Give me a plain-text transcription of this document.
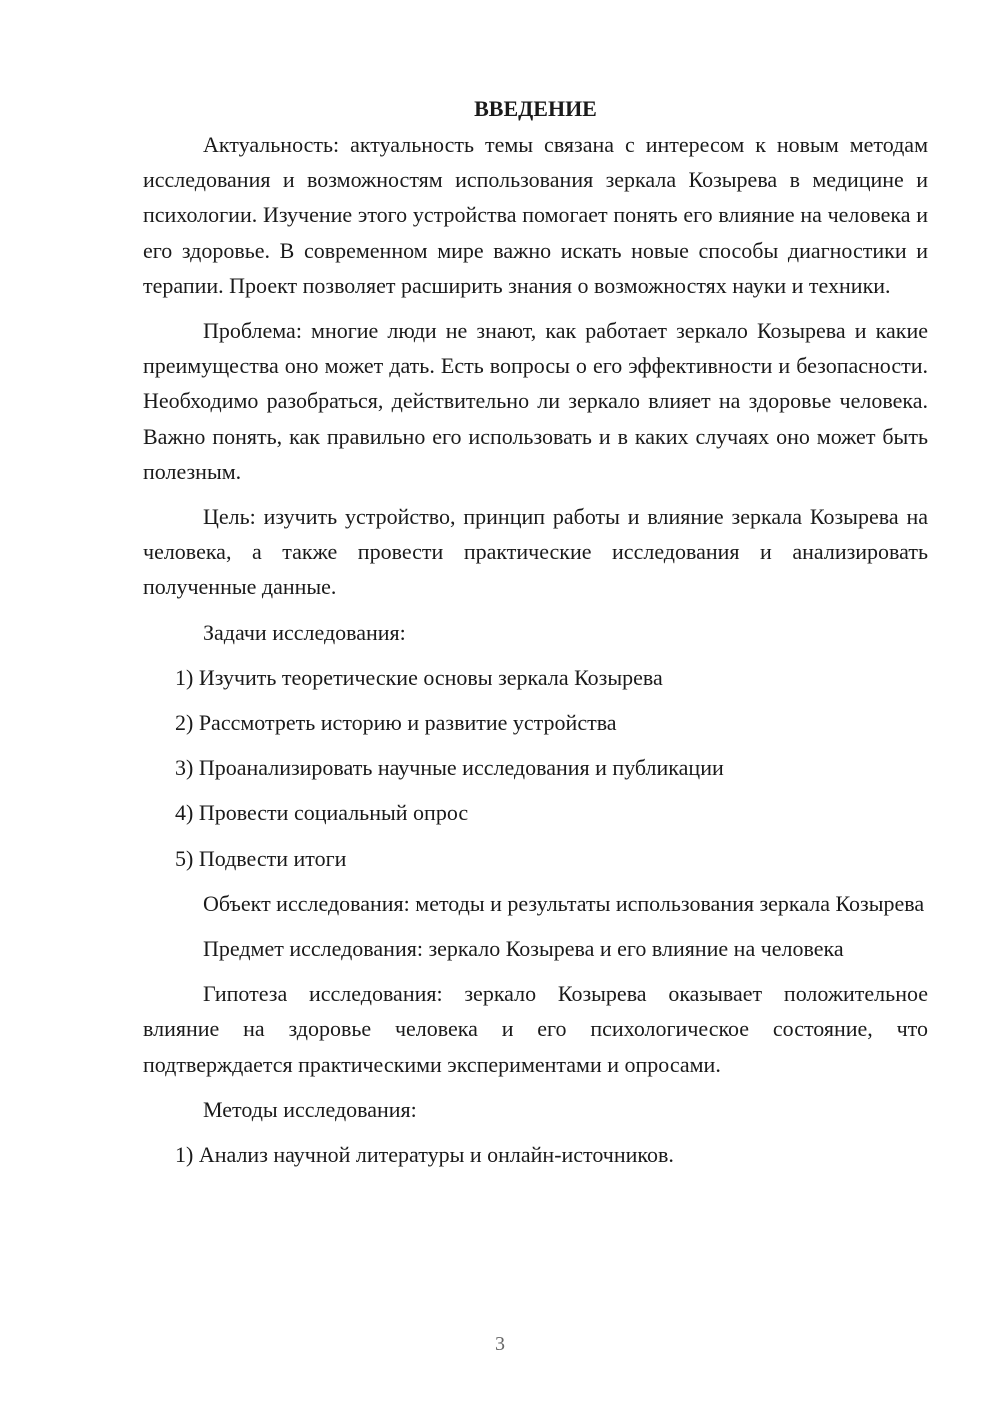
ВВЕДЕНИЕ

Актуальность: актуальность темы связана с интересом к новым методам исследования и возможностям использования зеркала Козырева в медицине и психологии. Изучение этого устройства помогает понять его влияние на человека и его здоровье. В современном мире важно искать новые способы диагностики и терапии. Проект позволяет расширить знания о возможностях науки и техники.

Проблема: многие люди не знают, как работает зеркало Козырева и какие преимущества оно может дать. Есть вопросы о его эффективности и безопасности. Необходимо разобраться, действительно ли зеркало влияет на здоровье человека. Важно понять, как правильно его использовать и в каких случаях оно может быть полезным.

Цель: изучить устройство, принцип работы и влияние зеркала Козырева на человека, а также провести практические исследования и анализировать полученные данные.

Задачи исследования:

1) Изучить теоретические основы зеркала Козырева

2) Рассмотреть историю и развитие устройства

3) Проанализировать научные исследования и публикации

4) Провести социальный опрос

5) Подвести итоги

Объект исследования: методы и результаты использования зеркала Козырева

Предмет исследования: зеркало Козырева и его влияние на человека

Гипотеза исследования: зеркало Козырева оказывает положительное влияние на здоровье человека и его психологическое состояние, что подтверждается практическими экспериментами и опросами.

Методы исследования:

1) Анализ научной литературы и онлайн-источников.

3
